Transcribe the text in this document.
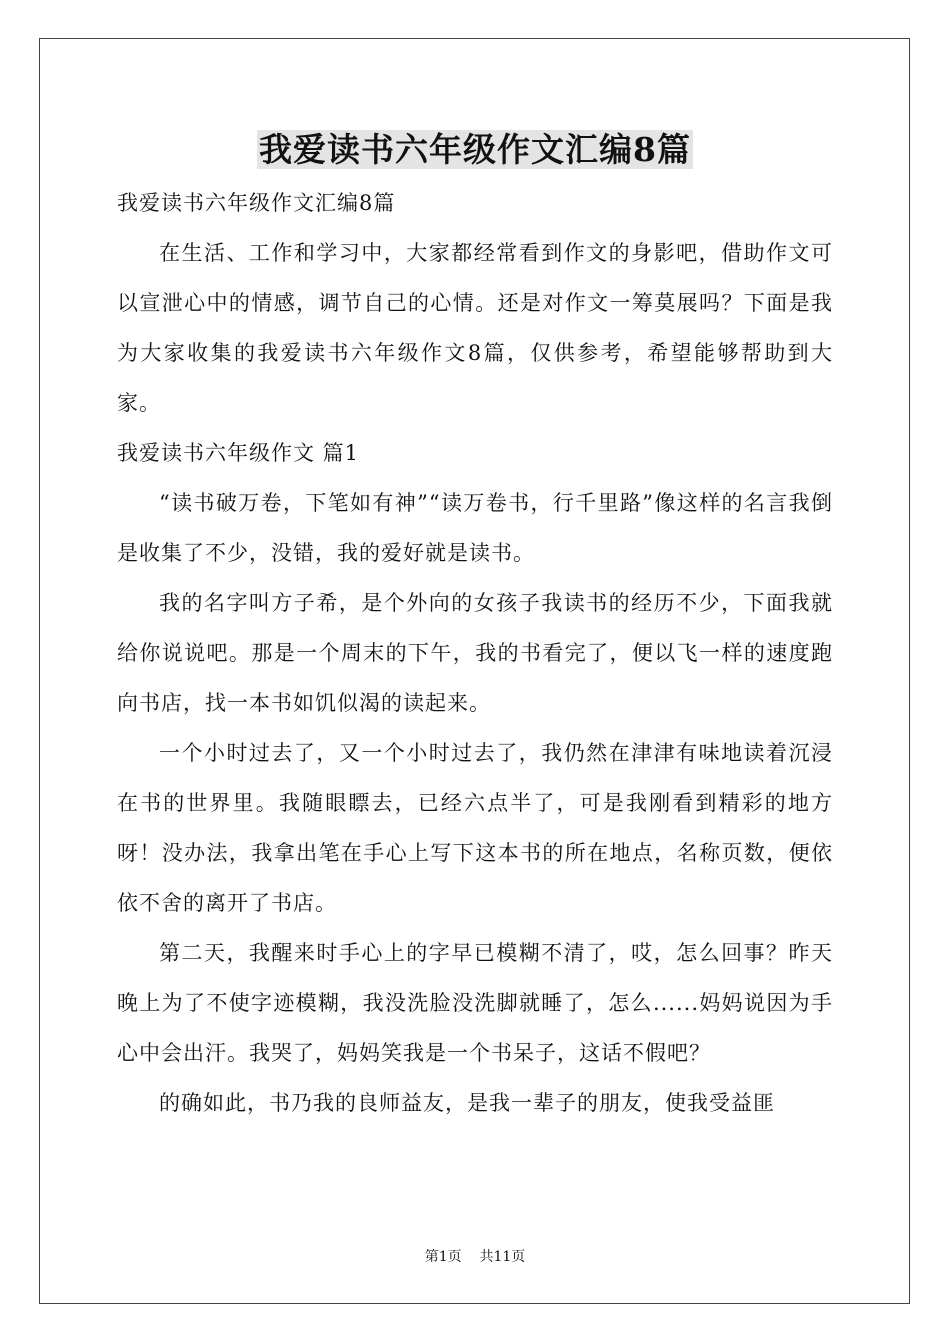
我爱读书六年级作文汇编8篇

我爱读书六年级作文汇编8篇

在生活、工作和学习中，大家都经常看到作文的身影吧，借助作文可以宣泄心中的情感，调节自己的心情。还是对作文一筹莫展吗？下面是我为大家收集的我爱读书六年级作文8篇，仅供参考，希望能够帮助到大家。

我爱读书六年级作文 篇1

“读书破万卷，下笔如有神”“读万卷书，行千里路”像这样的名言我倒是收集了不少，没错，我的爱好就是读书。

我的名字叫方子希，是个外向的女孩子我读书的经历不少，下面我就给你说说吧。那是一个周末的下午，我的书看完了，便以飞一样的速度跑向书店，找一本书如饥似渴的读起来。

一个小时过去了，又一个小时过去了，我仍然在津津有味地读着沉浸在书的世界里。我随眼瞟去，已经六点半了，可是我刚看到精彩的地方呀！没办法，我拿出笔在手心上写下这本书的所在地点，名称页数，便依依不舍的离开了书店。

第二天，我醒来时手心上的字早已模糊不清了，哎，怎么回事？昨天晚上为了不使字迹模糊，我没洗脸没洗脚就睡了，怎么......妈妈说因为手心中会出汗。我哭了，妈妈笑我是一个书呆子，这话不假吧？

的确如此，书乃我的良师益友，是我一辈子的朋友，使我受益匪

第1页    共11页
